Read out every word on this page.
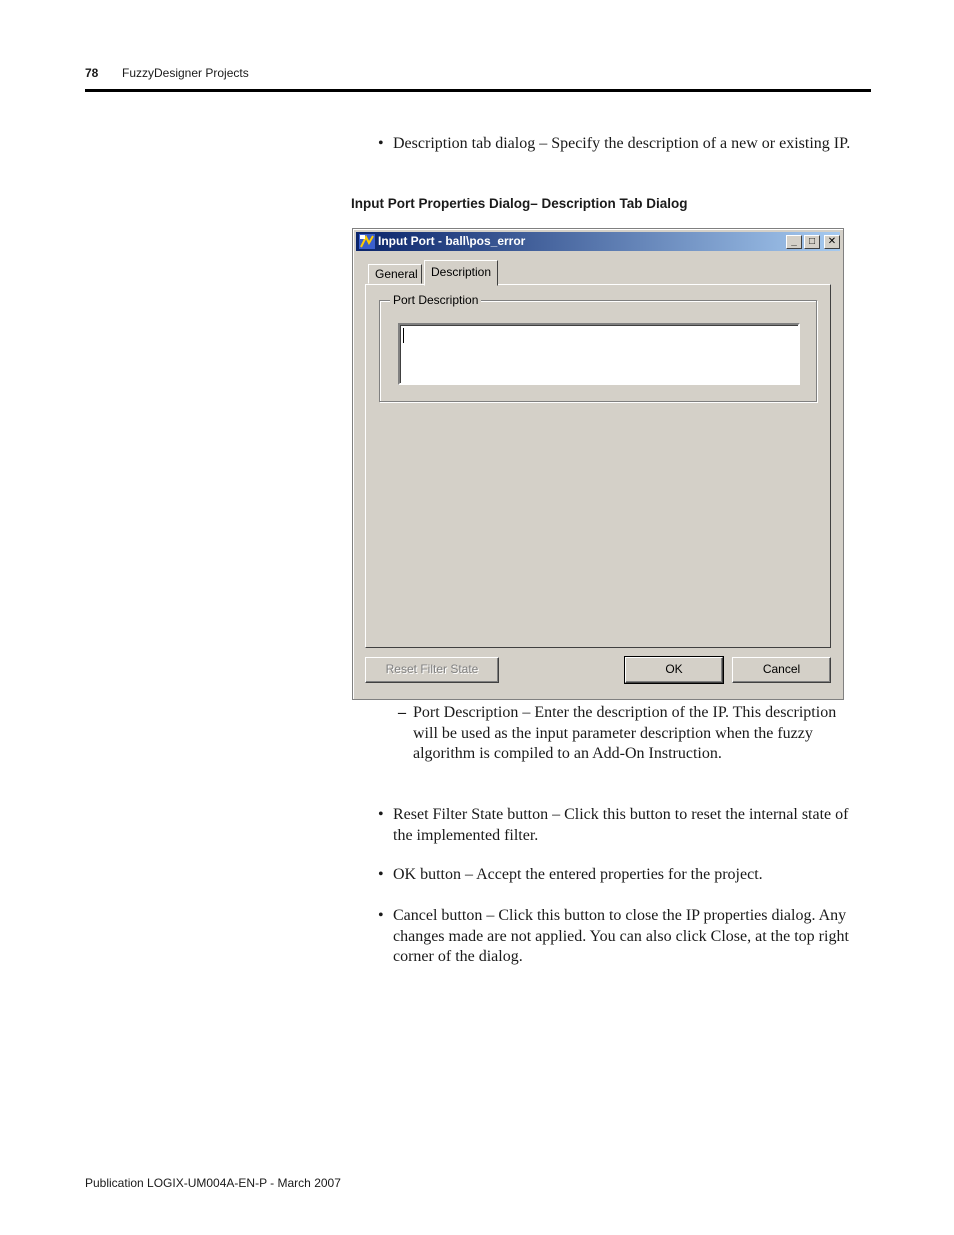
78 FuzzyDesigner Projects
• Description tab dialog – Specify the description of a new or existing IP.
Input Port Properties Dialog– Description Tab Dialog
Input Port - ball\pos_error	_	□	✕
General	Description
Port Description
Reset Filter State	OK	Cancel
– Port Description – Enter the description of the IP. This description will be used as the input parameter description when the fuzzy algorithm is compiled to an Add-On Instruction.
• Reset Filter State button – Click this button to reset the internal state of the implemented filter.
• OK button – Accept the entered properties for the project.
• Cancel button – Click this button to close the IP properties dialog. Any changes made are not applied. You can also click Close, at the top right corner of the dialog.
Publication LOGIX-UM004A-EN-P - March 2007
